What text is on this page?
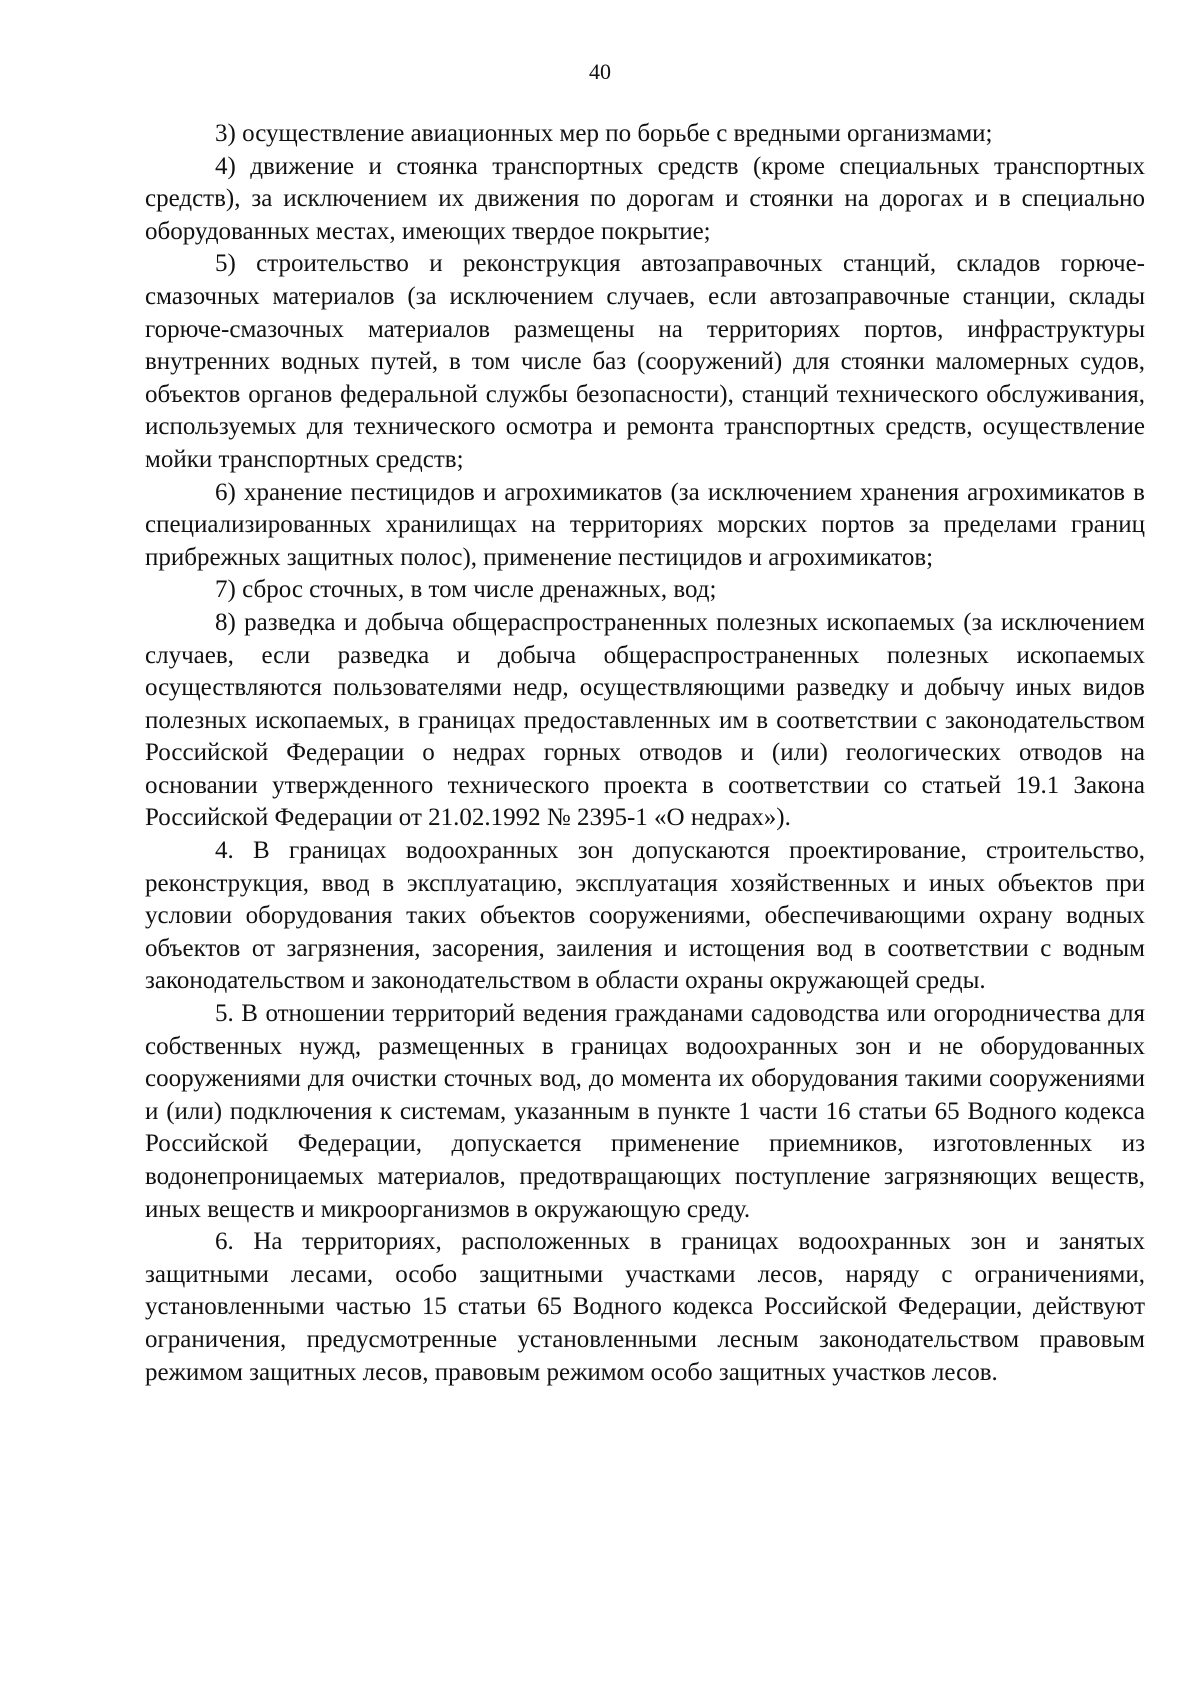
40

3) осуществление авиационных мер по борьбе с вредными организмами;

4) движение и стоянка транспортных средств (кроме специальных транспортных средств), за исключением их движения по дорогам и стоянки на дорогах и в специально оборудованных местах, имеющих твердое покрытие;

5) строительство и реконструкция автозаправочных станций, складов горюче-смазочных материалов (за исключением случаев, если автозаправочные станции, склады горюче-смазочных материалов размещены на территориях портов, инфраструктуры внутренних водных путей, в том числе баз (сооружений) для стоянки маломерных судов, объектов органов федеральной службы безопасности), станций технического обслуживания, используемых для технического осмотра и ремонта транспортных средств, осуществление мойки транспортных средств;

6) хранение пестицидов и агрохимикатов (за исключением хранения агрохимикатов в специализированных хранилищах на территориях морских портов за пределами границ прибрежных защитных полос), применение пестицидов и агрохимикатов;

7) сброс сточных, в том числе дренажных, вод;

8) разведка и добыча общераспространенных полезных ископаемых (за исключением случаев, если разведка и добыча общераспространенных полезных ископаемых осуществляются пользователями недр, осуществляющими разведку и добычу иных видов полезных ископаемых, в границах предоставленных им в соответствии с законодательством Российской Федерации о недрах горных отводов и (или) геологических отводов на основании утвержденного технического проекта в соответствии со статьей 19.1 Закона Российской Федерации от 21.02.1992 № 2395-1 «О недрах»).

4. В границах водоохранных зон допускаются проектирование, строительство, реконструкция, ввод в эксплуатацию, эксплуатация хозяйственных и иных объектов при условии оборудования таких объектов сооружениями, обеспечивающими охрану водных объектов от загрязнения, засорения, заиления и истощения вод в соответствии с водным законодательством и законодательством в области охраны окружающей среды.

5. В отношении территорий ведения гражданами садоводства или огородничества для собственных нужд, размещенных в границах водоохранных зон и не оборудованных сооружениями для очистки сточных вод, до момента их оборудования такими сооружениями и (или) подключения к системам, указанным в пункте 1 части 16 статьи 65 Водного кодекса Российской Федерации, допускается применение приемников, изготовленных из водонепроницаемых материалов, предотвращающих поступление загрязняющих веществ, иных веществ и микроорганизмов в окружающую среду.

6. На территориях, расположенных в границах водоохранных зон и занятых защитными лесами, особо защитными участками лесов, наряду с ограничениями, установленными частью 15 статьи 65 Водного кодекса Российской Федерации, действуют ограничения, предусмотренные установленными лесным законодательством правовым режимом защитных лесов, правовым режимом особо защитных участков лесов.
